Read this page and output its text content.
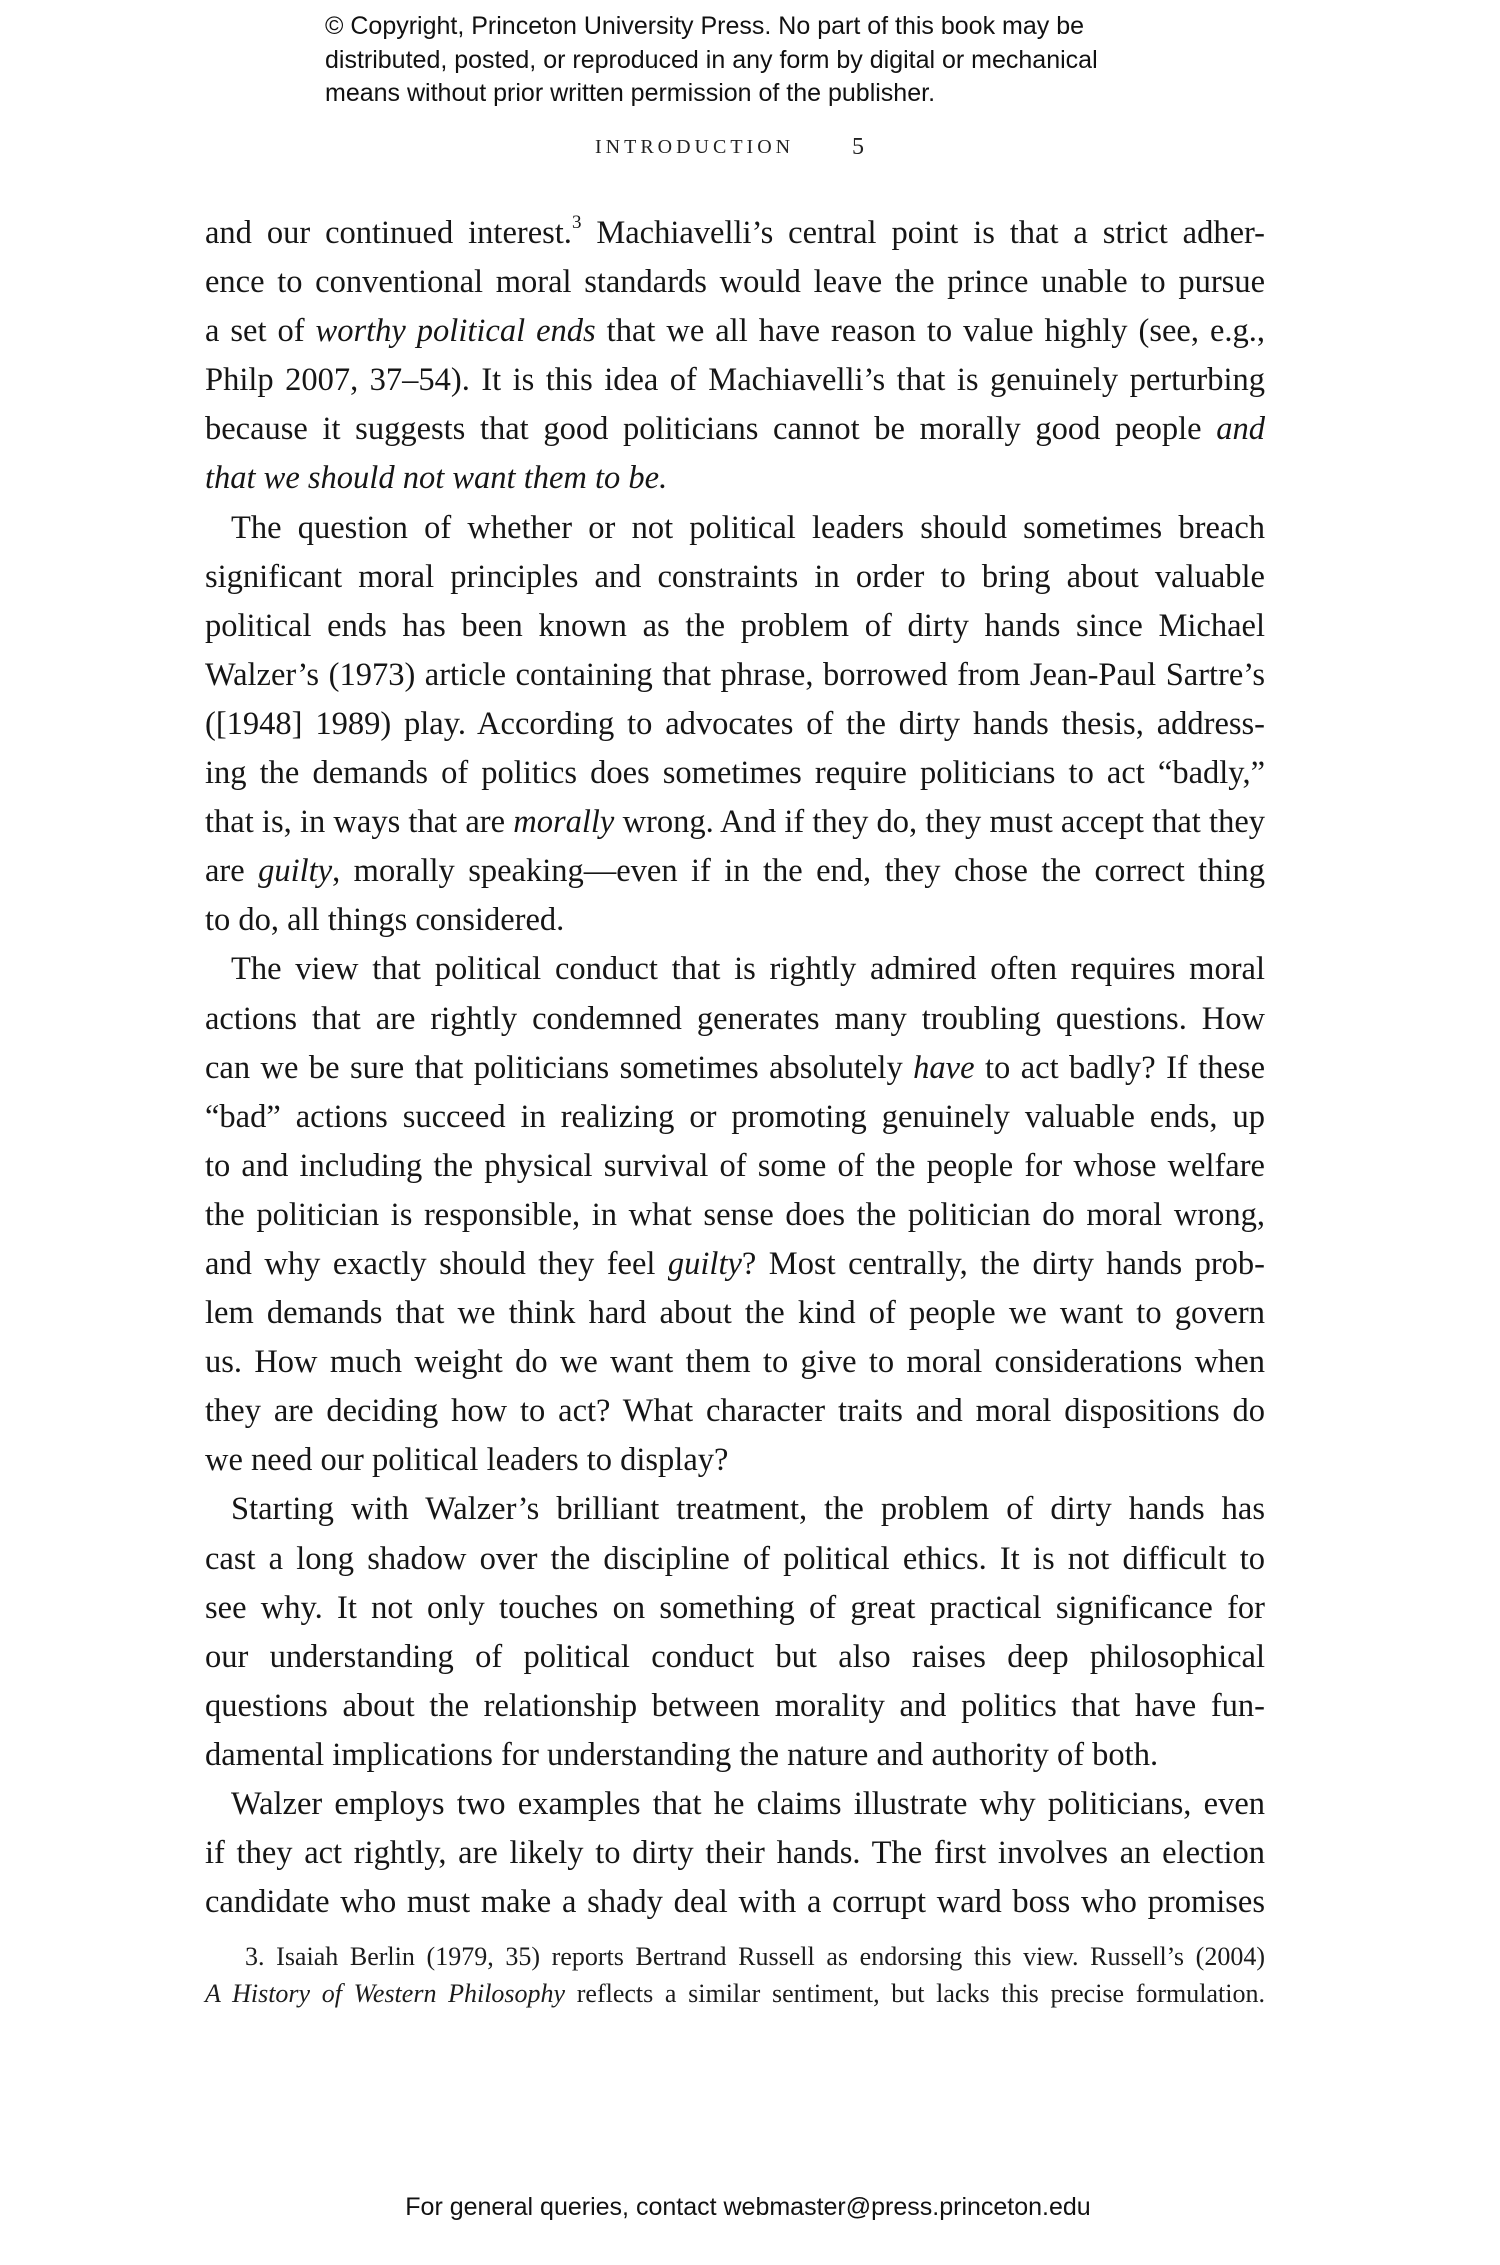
© Copyright, Princeton University Press. No part of this book may be
distributed, posted, or reproduced in any form by digital or mechanical
means without prior written permission of the publisher.
INTRODUCTION 5
and our continued interest.$^3$ Machiavelli’s central point is that a strict adher-
ence to conventional moral standards would leave the prince unable to pursue
a set of worthy political ends that we all have reason to value highly (see, e.g.,
Philp 2007, 37–54). It is this idea of Machiavelli’s that is genuinely perturbing
because it suggests that good politicians cannot be morally good people and
that we should not want them to be.
The question of whether or not political leaders should sometimes breach
significant moral principles and constraints in order to bring about valuable
political ends has been known as the problem of dirty hands since Michael
Walzer’s (1973) article containing that phrase, borrowed from Jean-Paul Sartre’s
([1948] 1989) play. According to advocates of the dirty hands thesis, address-
ing the demands of politics does sometimes require politicians to act “badly,”
that is, in ways that are morally wrong. And if they do, they must accept that they
are guilty, morally speaking—even if in the end, they chose the correct thing
to do, all things considered.
The view that political conduct that is rightly admired often requires moral
actions that are rightly condemned generates many troubling questions. How
can we be sure that politicians sometimes absolutely have to act badly? If these
“bad” actions succeed in realizing or promoting genuinely valuable ends, up
to and including the physical survival of some of the people for whose welfare
the politician is responsible, in what sense does the politician do moral wrong,
and why exactly should they feel guilty? Most centrally, the dirty hands prob-
lem demands that we think hard about the kind of people we want to govern
us. How much weight do we want them to give to moral considerations when
they are deciding how to act? What character traits and moral dispositions do
we need our political leaders to display?
Starting with Walzer’s brilliant treatment, the problem of dirty hands has
cast a long shadow over the discipline of political ethics. It is not difficult to
see why. It not only touches on something of great practical significance for
our understanding of political conduct but also raises deep philosophical
questions about the relationship between morality and politics that have fun-
damental implications for understanding the nature and authority of both.
Walzer employs two examples that he claims illustrate why politicians, even
if they act rightly, are likely to dirty their hands. The first involves an election
candidate who must make a shady deal with a corrupt ward boss who promises
3. Isaiah Berlin (1979, 35) reports Bertrand Russell as endorsing this view. Russell’s (2004)
A History of Western Philosophy reflects a similar sentiment, but lacks this precise formulation.
For general queries, contact webmaster@press.princeton.edu
